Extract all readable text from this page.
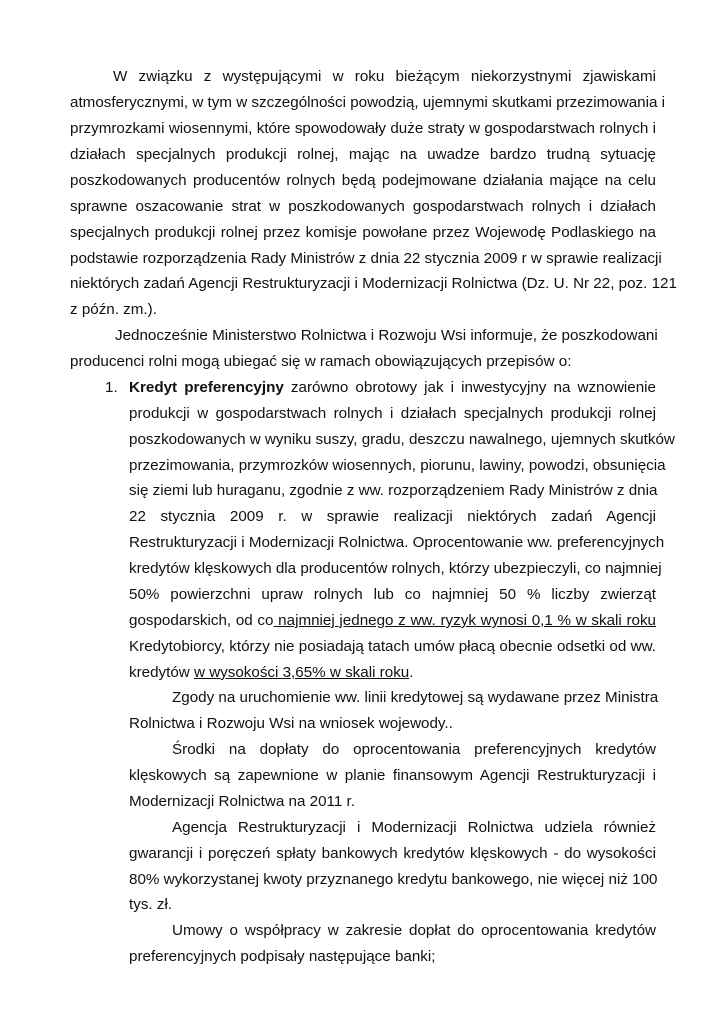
W związku z występującymi w roku bieżącym niekorzystnymi zjawiskami
atmosferycznymi, w tym w szczególności powodzią, ujemnymi skutkami przezimowania i
przymrozkami wiosennymi, które spowodowały duże straty w gospodarstwach rolnych i
działach specjalnych produkcji rolnej, mając na uwadze bardzo trudną sytuację
poszkodowanych producentów rolnych będą podejmowane działania mające na celu
sprawne oszacowanie strat w poszkodowanych gospodarstwach rolnych i działach
specjalnych produkcji rolnej przez komisje powołane przez Wojewodę Podlaskiego na
podstawie rozporządzenia Rady Ministrów z dnia 22 stycznia 2009 r w sprawie realizacji
niektórych zadań Agencji Restrukturyzacji i Modernizacji Rolnictwa (Dz. U. Nr 22, poz. 121
z późn. zm.).
Jednocześnie Ministerstwo Rolnictwa i Rozwoju Wsi informuje, że poszkodowani
producenci rolni mogą ubiegać się w ramach obowiązujących przepisów o:
1. Kredyt preferencyjny zarówno obrotowy jak i inwestycyjny na wznowienie
produkcji w gospodarstwach rolnych i działach specjalnych produkcji rolnej
poszkodowanych w wyniku suszy, gradu, deszczu nawalnego, ujemnych skutków
przezimowania, przymrozków wiosennych, piorunu, lawiny, powodzi, obsunięcia
się ziemi lub huraganu, zgodnie z ww. rozporządzeniem Rady Ministrów z dnia
22 stycznia 2009 r. w sprawie realizacji niektórych zadań Agencji
Restrukturyzacji i Modernizacji Rolnictwa. Oprocentowanie ww. preferencyjnych
kredytów klęskowych dla producentów rolnych, którzy ubezpieczyli, co najmniej
50% powierzchni upraw rolnych lub co najmniej 50 % liczby zwierząt
gospodarskich, od co najmniej jednego z ww. ryzyk wynosi 0,1 % w skali roku
Kredytobiorcy, którzy nie posiadają tatach umów płacą obecnie odsetki od ww.
kredytów w wysokości 3,65% w skali roku.
Zgody na uruchomienie ww. linii kredytowej są wydawane przez Ministra
Rolnictwa i Rozwoju Wsi na wniosek wojewody..
Środki na dopłaty do oprocentowania preferencyjnych kredytów
klęskowych są zapewnione w planie finansowym Agencji Restrukturyzacji i
Modernizacji Rolnictwa na 2011 r.
Agencja Restrukturyzacji i Modernizacji Rolnictwa udziela również
gwarancji i poręczeń spłaty bankowych kredytów klęskowych - do wysokości
80% wykorzystanej kwoty przyznanego kredytu bankowego, nie więcej niż 100
tys. zł.
Umowy o współpracy w zakresie dopłat do oprocentowania kredytów
preferencyjnych podpisały następujące banki;
